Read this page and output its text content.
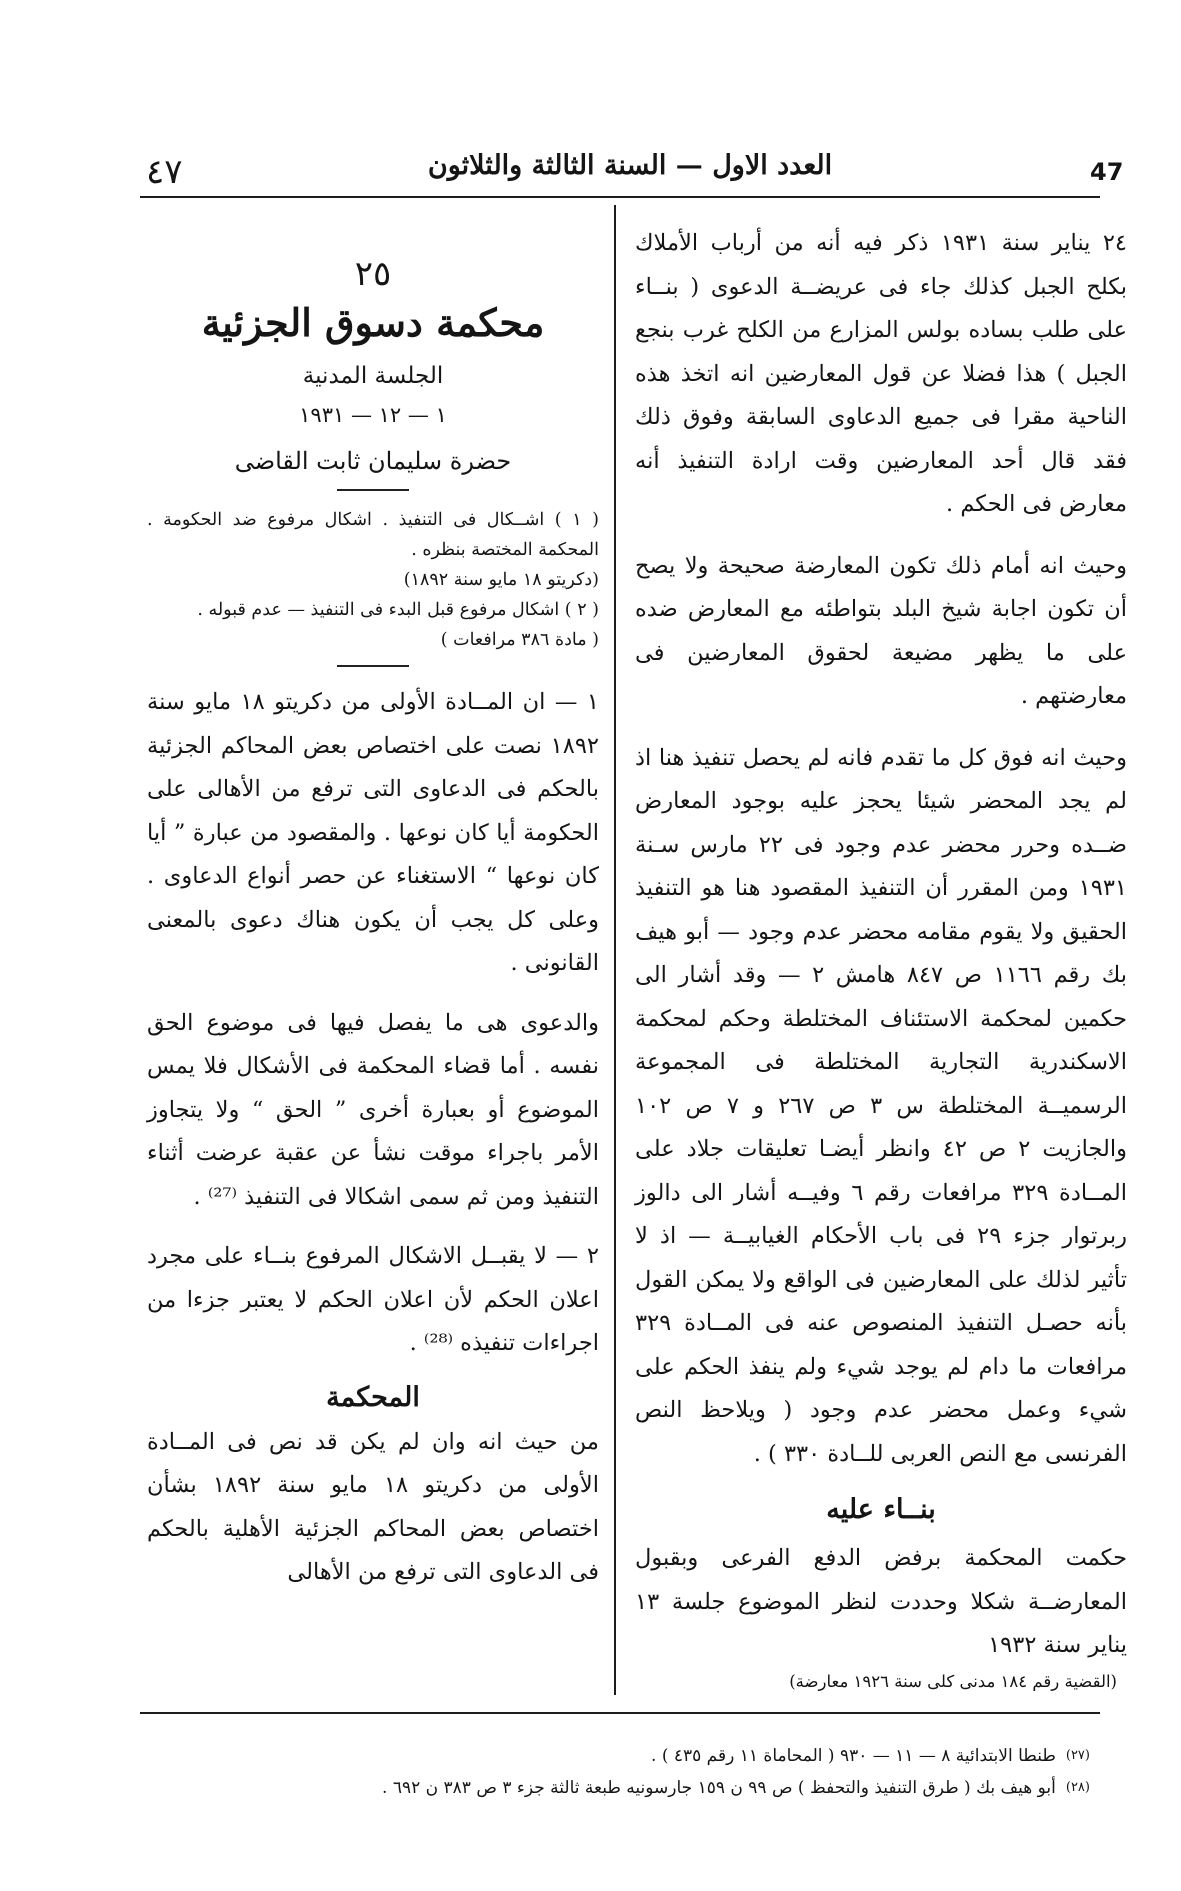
٤٧	العدد الاول — السنة الثالثة والثلاثون	47

٢٤ يناير سنة ١٩٣١ ذكر فيه أنه من أرباب الأملاك بكلح الجبل كذلك جاء فى عريضــة الدعوى ( بنــاء على طلب بساده بولس المزارع من الكلح غرب بنجع الجبل ) هذا فضلا عن قول المعارضين انه اتخذ هذه الناحية مقرا فى جميع الدعاوى السابقة وفوق ذلك فقد قال أحد المعارضين وقت ارادة التنفيذ أنه معارض فى الحكم .

وحيث انه أمام ذلك تكون المعارضة صحيحة ولا يصح أن تكون اجابة شيخ البلد بتواطئه مع المعارض ضده على ما يظهر مضيعة لحقوق المعارضين فى معارضتهم .

وحيث انه فوق كل ما تقدم فانه لم يحصل تنفيذ هنا اذ لم يجد المحضر شيئا يحجز عليه بوجود المعارض ضــده وحرر محضر عدم وجود فى ٢٢ مارس سـنة ١٩٣١ ومن المقرر أن التنفيذ المقصود هنا هو التنفيذ الحقيق ولا يقوم مقامه محضر عدم وجود — أبو هيف بك رقم ١١٦٦ ص ٨٤٧ هامش ٢ — وقد أشار الى حكمين لمحكمة الاستئناف المختلطة وحكم لمحكمة الاسكندرية التجارية المختلطة فى المجموعة الرسميــة المختلطة س ٣ ص ٢٦٧ و ٧ ص ١٠٢ والجازيت ٢ ص ٤٢ وانظر أيضـا تعليقات جلاد على المــادة ٣٢٩ مرافعات رقم ٦ وفيــه أشار الى دالوز ربرتوار جزء ٢٩ فى باب الأحكام الغيابيــة — اذ لا تأثير لذلك على المعارضين فى الواقع ولا يمكن القول بأنه حصـل التنفيذ المنصوص عنه فى المــادة ٣٢٩ مرافعات ما دام لم يوجد شيء ولم ينفذ الحكم على شيء وعمل محضر عدم وجود ( ويلاحظ النص الفرنسى مع النص العربى للــادة ٣٣٠ ) .

بنــاء عليه

حكمت المحكمة برفض الدفع الفرعى وبقبول المعارضــة شكلا وحددت لنظر الموضوع جلسة ١٣ يناير سنة ١٩٣٢

(القضية رقم ١٨٤ مدنى كلى سنة ١٩٢٦ معارضة)
٢٥
محكمة دسوق الجزئية
الجلسة المدنية
١ — ١٢ — ١٩٣١
حضرة سليمان ثابت القاضى
( ١ ) اشــكال فى التنفيذ . اشكال مرفوع ضد الحكومة . المحكمة المختصة بنظره .
(دكريتو ١٨ مايو سنة ١٨٩٢)
( ٢ ) اشكال مرفوع قبل البدء فى التنفيذ — عدم قبوله .
( مادة ٣٨٦ مرافعات )

١ — ان المــادة الأولى من دكريتو ١٨ مايو سنة ١٨٩٢ نصت على اختصاص بعض المحاكم الجزئية بالحكم فى الدعاوى التى ترفع من الأهالى على الحكومة أيا كان نوعها . والمقصود من عبارة ” أيا كان نوعها “ الاستغناء عن حصر أنواع الدعاوى . وعلى كل يجب أن يكون هناك دعوى بالمعنى القانونى .

والدعوى هى ما يفصل فيها فى موضوع الحق نفسه . أما قضاء المحكمة فى الأشكال فلا يمس الموضوع أو بعبارة أخرى ” الحق “ ولا يتجاوز الأمر باجراء موقت نشأ عن عقبة عرضت أثناء التنفيذ ومن ثم سمى اشكالا فى التنفيذ ⁽²⁷⁾ .

٢ — لا يقبــل الاشكال المرفوع بنــاء على مجرد اعلان الحكم لأن اعلان الحكم لا يعتبر جزءا من اجراءات تنفيذه ⁽²⁸⁾ .

المحكمة

من حيث انه وان لم يكن قد نص فى المــادة الأولى من دكريتو ١٨ مايو سنة ١٨٩٢ بشأن اختصاص بعض المحاكم الجزئية الأهلية بالحكم فى الدعاوى التى ترفع من الأهالى

(٢٧)
طنطا الابتدائية ٨ — ١١ — ٩٣٠ ( المحاماة ١١ رقم ٤٣٥ ) .
(٢٨)
أبو هيف بك ( طرق التنفيذ والتحفظ ) ص ٩٩ ن ١٥٩ جارسونيه طبعة ثالثة جزء ٣ ص ٣٨٣ ن ٦٩٢ .
